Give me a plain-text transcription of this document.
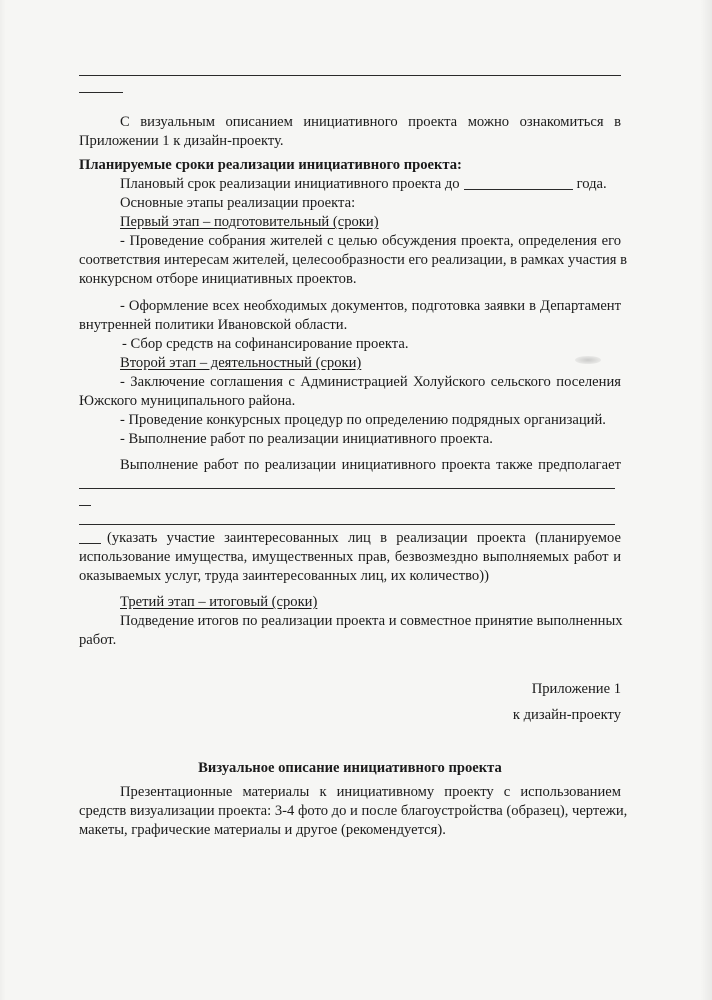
С визуальным описанием инициативного проекта можно ознакомиться в
Приложении 1 к дизайн-проекту.
Планируемые сроки реализации инициативного проекта:
Плановый срок реализации инициативного проекта до	года.
Основные этапы реализации проекта:
Первый этап – подготовительный (сроки)
- Проведение собрания жителей с целью обсуждения проекта, определения его
соответствия интересам жителей, целесообразности его реализации, в рамках участия в
конкурсном отборе инициативных проектов.
- Оформление всех необходимых документов, подготовка заявки в Департамент
внутренней политики Ивановской области.
- Сбор средств на софинансирование проекта.
Второй этап – деятельностный (сроки)
- Заключение соглашения с Администрацией Холуйского сельского поселения
Южского муниципального района.
- Проведение конкурсных процедур по определению подрядных организаций.
- Выполнение работ по реализации инициативного проекта.
Выполнение работ по реализации инициативного проекта также предполагает
(указать участие заинтересованных лиц в реализации проекта (планируемое
использование имущества, имущественных прав, безвозмездно выполняемых работ и
оказываемых услуг, труда заинтересованных лиц, их количество))
Третий этап – итоговый (сроки)
Подведение итогов по реализации проекта и совместное принятие выполненных
работ.
Приложение 1
к дизайн-проекту
Визуальное описание инициативного проекта
Презентационные материалы к инициативному проекту с использованием
средств визуализации проекта: 3-4 фото до и после благоустройства (образец), чертежи,
макеты, графические материалы и другое (рекомендуется).
